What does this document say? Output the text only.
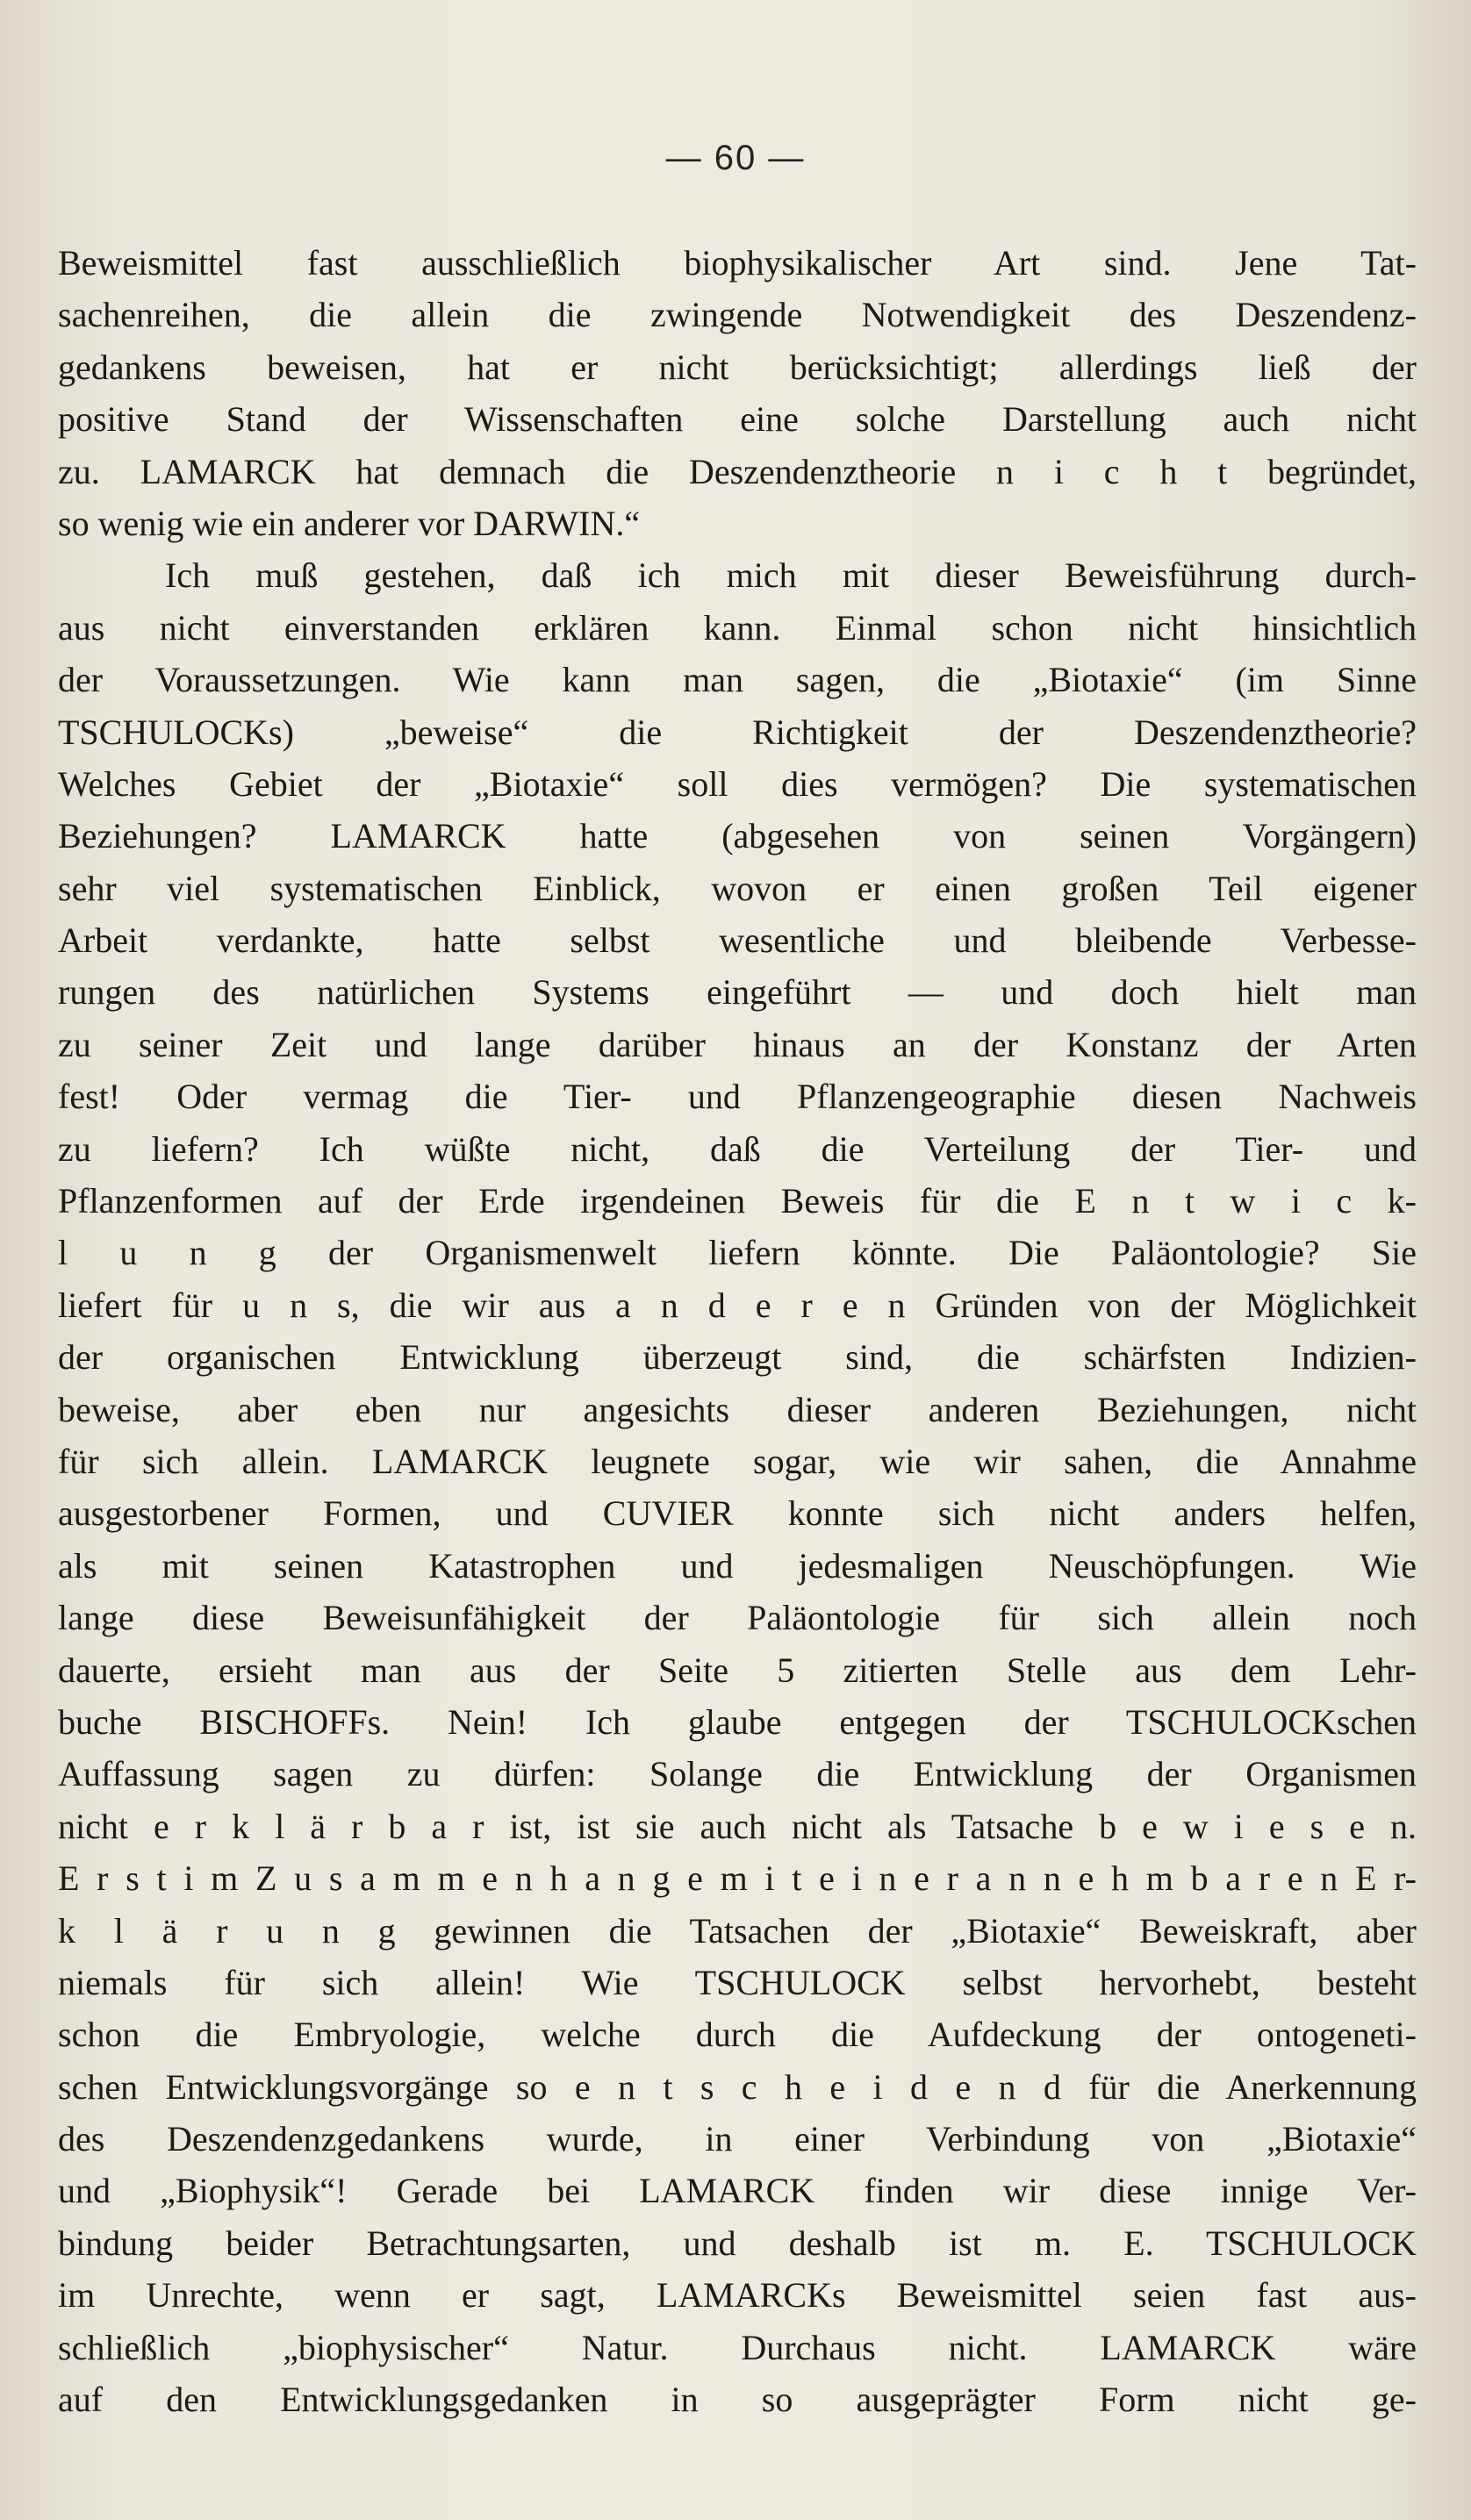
— 60 —
Beweismittel fast ausschließlich biophysikalischer Art sind. Jene Tat-
sachenreihen, die allein die zwingende Notwendigkeit des Deszendenz-
gedankens beweisen, hat er nicht berücksichtigt; allerdings ließ der
positive Stand der Wissenschaften eine solche Darstellung auch nicht
zu. LAMARCK hat demnach die Deszendenztheorie n i c h t begründet,
so wenig wie ein anderer vor DARWIN.“
Ich muß gestehen, daß ich mich mit dieser Beweisführung durch-
aus nicht einverstanden erklären kann. Einmal schon nicht hinsichtlich
der Voraussetzungen. Wie kann man sagen, die „Biotaxie“ (im Sinne
TSCHULOCKs) „beweise“ die Richtigkeit der Deszendenztheorie?
Welches Gebiet der „Biotaxie“ soll dies vermögen? Die systematischen
Beziehungen? LAMARCK hatte (abgesehen von seinen Vorgängern)
sehr viel systematischen Einblick, wovon er einen großen Teil eigener
Arbeit verdankte, hatte selbst wesentliche und bleibende Verbesse-
rungen des natürlichen Systems eingeführt — und doch hielt man
zu seiner Zeit und lange darüber hinaus an der Konstanz der Arten
fest! Oder vermag die Tier- und Pflanzengeographie diesen Nachweis
zu liefern? Ich wüßte nicht, daß die Verteilung der Tier- und
Pflanzenformen auf der Erde irgendeinen Beweis für die E n t w i c k-
l u n g der Organismenwelt liefern könnte. Die Paläontologie? Sie
liefert für u n s, die wir aus a n d e r e n Gründen von der Möglichkeit
der organischen Entwicklung überzeugt sind, die schärfsten Indizien-
beweise, aber eben nur angesichts dieser anderen Beziehungen, nicht
für sich allein. LAMARCK leugnete sogar, wie wir sahen, die Annahme
ausgestorbener Formen, und CUVIER konnte sich nicht anders helfen,
als mit seinen Katastrophen und jedesmaligen Neuschöpfungen. Wie
lange diese Beweisunfähigkeit der Paläontologie für sich allein noch
dauerte, ersieht man aus der Seite 5 zitierten Stelle aus dem Lehr-
buche BISCHOFFs. Nein! Ich glaube entgegen der TSCHULOCKschen
Auffassung sagen zu dürfen: Solange die Entwicklung der Organismen
nicht e r k l ä r b a r ist, ist sie auch nicht als Tatsache b e w i e s e n.
E r s t i m Z u s a m m e n h a n g e m i t e i n e r a n n e h m b a r e n E r-
k l ä r u n g gewinnen die Tatsachen der „Biotaxie“ Beweiskraft, aber
niemals für sich allein! Wie TSCHULOCK selbst hervorhebt, besteht
schon die Embryologie, welche durch die Aufdeckung der ontogeneti-
schen Entwicklungsvorgänge so e n t s c h e i d e n d für die Anerkennung
des Deszendenzgedankens wurde, in einer Verbindung von „Biotaxie“
und „Biophysik“! Gerade bei LAMARCK finden wir diese innige Ver-
bindung beider Betrachtungsarten, und deshalb ist m. E. TSCHULOCK
im Unrechte, wenn er sagt, LAMARCKs Beweismittel seien fast aus-
schließlich „biophysischer“ Natur. Durchaus nicht. LAMARCK wäre
auf den Entwicklungsgedanken in so ausgeprägter Form nicht ge-
